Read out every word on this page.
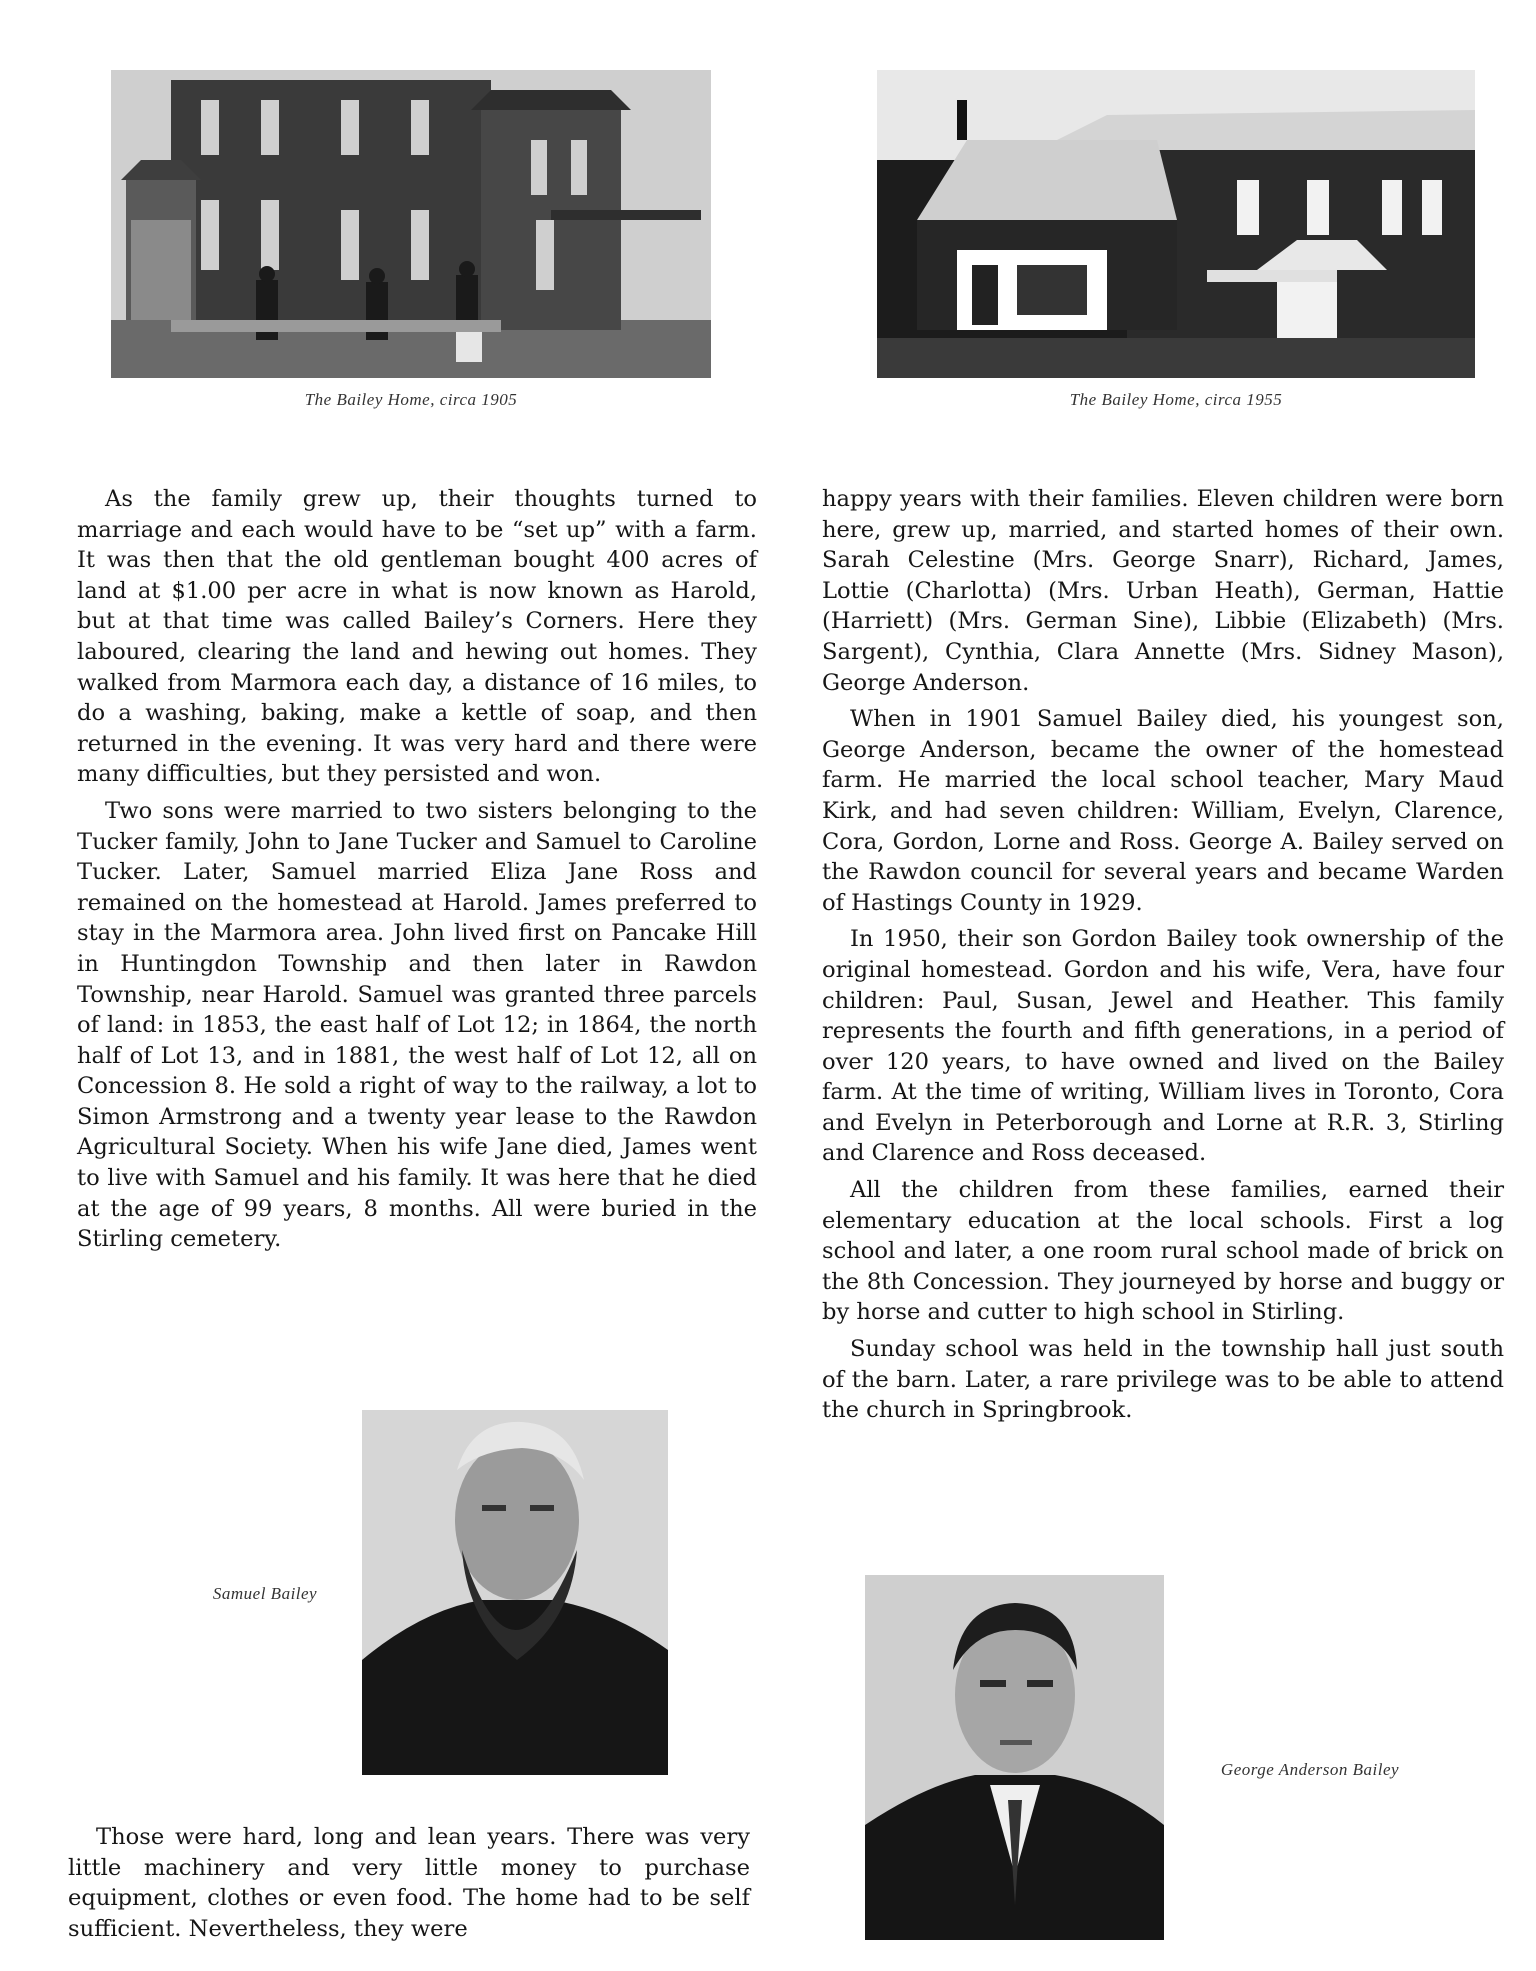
The Bailey Home, circa 1905	The Bailey Home, circa 1955

As the family grew up, their thoughts turned to marriage and each would have to be “set up” with a farm. It was then that the old gentleman bought 400 acres of land at $1.00 per acre in what is now known as Harold, but at that time was called Bailey’s Corners. Here they laboured, clearing the land and hewing out homes. They walked from Marmora each day, a distance of 16 miles, to do a washing, baking, make a kettle of soap, and then returned in the evening. It was very hard and there were many difficulties, but they persisted and won.

Two sons were married to two sisters belonging to the Tucker family, John to Jane Tucker and Samuel to Caroline Tucker. Later, Samuel married Eliza Jane Ross and remained on the homestead at Harold. James preferred to stay in the Marmora area. John lived first on Pancake Hill in Huntingdon Township and then later in Rawdon Township, near Harold. Samuel was granted three parcels of land: in 1853, the east half of Lot 12; in 1864, the north half of Lot 13, and in 1881, the west half of Lot 12, all on Concession 8. He sold a right of way to the railway, a lot to Simon Armstrong and a twenty year lease to the Rawdon Agricultural Society. When his wife Jane died, James went to live with Samuel and his family. It was here that he died at the age of 99 years, 8 months. All were buried in the Stirling cemetery.

happy years with their families. Eleven children were born here, grew up, married, and started homes of their own. Sarah Celestine (Mrs. George Snarr), Richard, James, Lottie (Charlotta) (Mrs. Urban Heath), German, Hattie (Harriett) (Mrs. German Sine), Libbie (Elizabeth) (Mrs. Sargent), Cynthia, Clara Annette (Mrs. Sidney Mason), George Anderson.

When in 1901 Samuel Bailey died, his youngest son, George Anderson, became the owner of the homestead farm. He married the local school teacher, Mary Maud Kirk, and had seven children: William, Evelyn, Clarence, Cora, Gordon, Lorne and Ross. George A. Bailey served on the Rawdon council for several years and became Warden of Hastings County in 1929.

In 1950, their son Gordon Bailey took ownership of the original homestead. Gordon and his wife, Vera, have four children: Paul, Susan, Jewel and Heather. This family represents the fourth and fifth generations, in a period of over 120 years, to have owned and lived on the Bailey farm. At the time of writing, William lives in Toronto, Cora and Evelyn in Peterborough and Lorne at R.R. 3, Stirling and Clarence and Ross deceased.

All the children from these families, earned their elementary education at the local schools. First a log school and later, a one room rural school made of brick on the 8th Concession. They journeyed by horse and buggy or by horse and cutter to high school in Stirling.

Sunday school was held in the township hall just south of the barn. Later, a rare privilege was to be able to attend the church in Springbrook.

Samuel Bailey
George Anderson Bailey

Those were hard, long and lean years. There was very little machinery and very little money to purchase equipment, clothes or even food. The home had to be self sufficient. Nevertheless, they were
